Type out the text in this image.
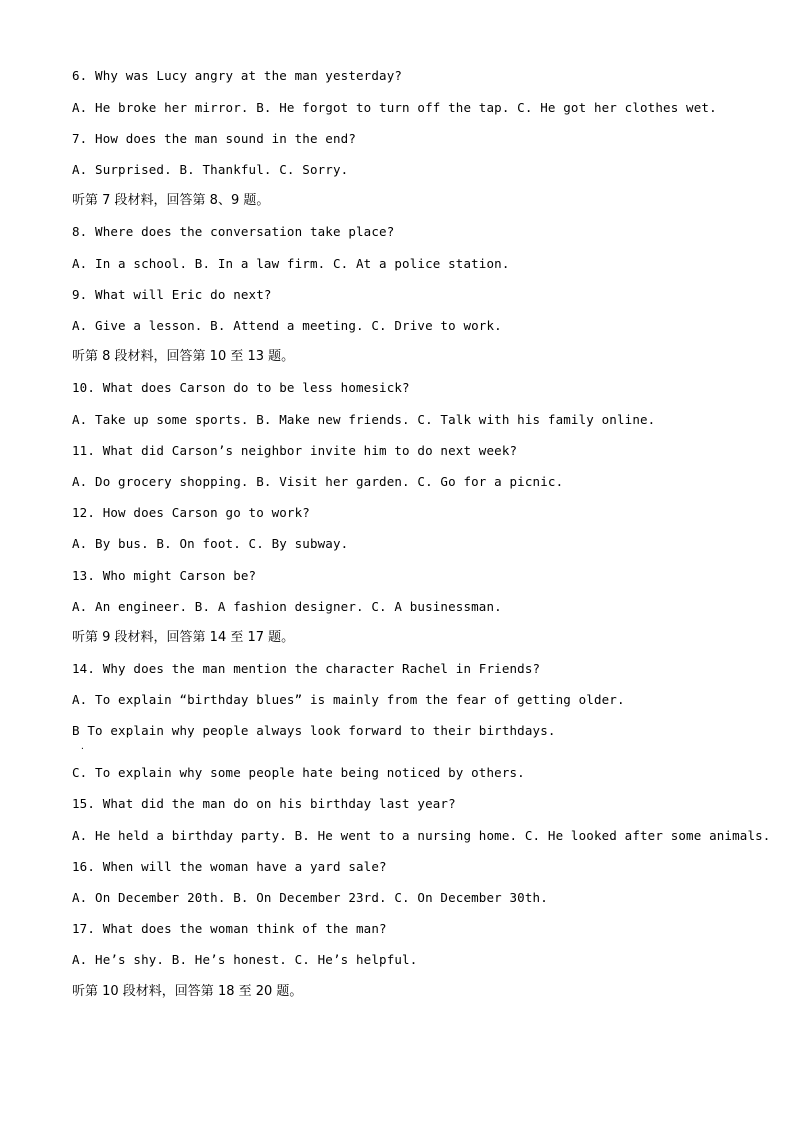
6. Why was Lucy angry at the man yesterday?
A. He broke her mirror. B. He forgot to turn off the tap. C. He got her clothes wet.
7. How does the man sound in the end?
A. Surprised. B. Thankful. C. Sorry.
听第 7 段材料，回答第 8、9 题。
8. Where does the conversation take place?
A. In a school. B. In a law firm. C. At a police station.
9. What will Eric do next?
A. Give a lesson. B. Attend a meeting. C. Drive to work.
听第 8 段材料，回答第 10 至 13 题。
10. What does Carson do to be less homesick?
A. Take up some sports. B. Make new friends. C. Talk with his family online.
11. What did Carson’s neighbor invite him to do next week?
A. Do grocery shopping. B. Visit her garden. C. Go for a picnic.
12. How does Carson go to work?
A. By bus. B. On foot. C. By subway.
13. Who might Carson be?
A. An engineer. B. A fashion designer. C. A businessman.
听第 9 段材料，回答第 14 至 17 题。
14. Why does the man mention the character Rachel in Friends?
A. To explain “birthday blues” is mainly from the fear of getting older.
B To explain why people always look forward to their birthdays.
·
C. To explain why some people hate being noticed by others.
15. What did the man do on his birthday last year?
A. He held a birthday party. B. He went to a nursing home. C. He looked after some animals.
16. When will the woman have a yard sale?
A. On December 20th. B. On December 23rd. C. On December 30th.
17. What does the woman think of the man?
A. He’s shy. B. He’s honest. C. He’s helpful.
听第 10 段材料，回答第 18 至 20 题。
